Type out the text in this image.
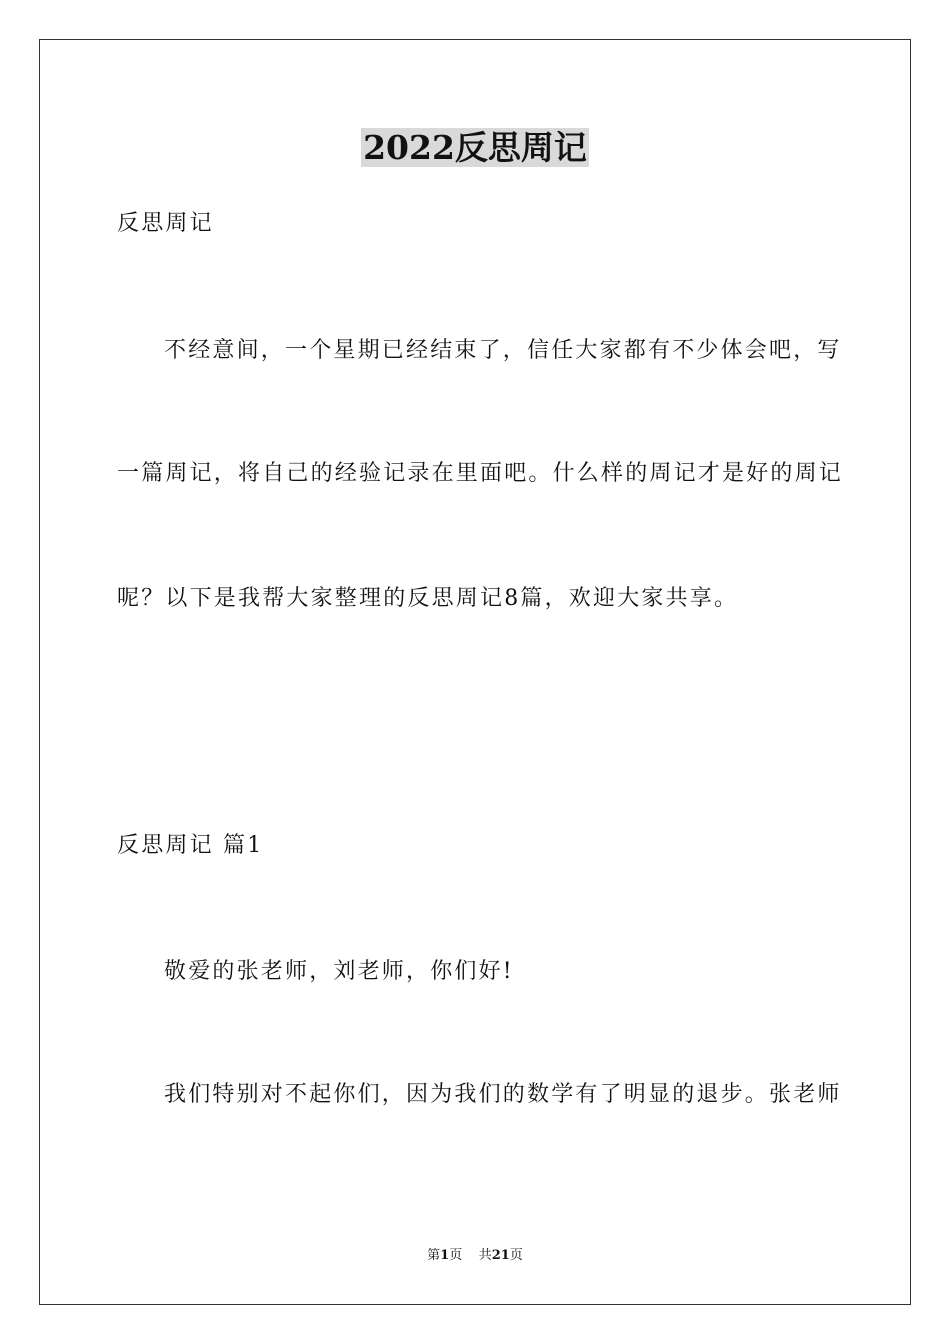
2022反思周记
反思周记
不经意间，一个星期已经结束了，信任大家都有不少体会吧，写
一篇周记，将自己的经验记录在里面吧。什么样的周记才是好的周记
呢？以下是我帮大家整理的反思周记8篇，欢迎大家共享。
反思周记 篇1
敬爱的张老师，刘老师，你们好!
我们特别对不起你们，因为我们的数学有了明显的退步。张老师
第1页 共21页
